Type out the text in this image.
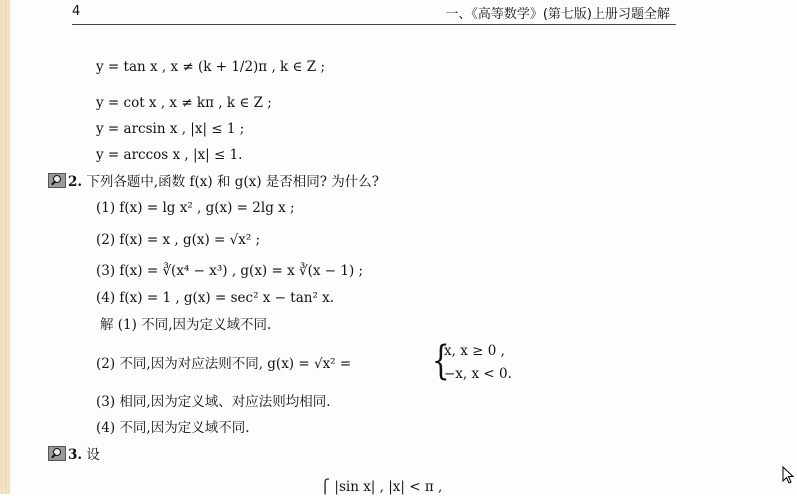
4	一、《高等数学》(第七版)上册习题全解
y = tan x , x ≠ (k + 1/2)π , k ∈ Z ;
y = cot x , x ≠ kπ , k ∈ Z ;
y = arcsin x , |x| ≤ 1 ;
y = arccos x , |x| ≤ 1.
2. 下列各题中,函数 f(x) 和 g(x) 是否相同? 为什么?
(1) f(x) = lg x² , g(x) = 2lg x ;
(2) f(x) = x , g(x) = √x² ;
(3) f(x) = ∛(x⁴ − x³) , g(x) = x ∛(x − 1) ;
(4) f(x) = 1 , g(x) = sec² x − tan² x.
解 (1) 不同,因为定义域不同.
(2) 不同,因为对应法则不同, g(x) = √x² = {
x, x ≥ 0 ,
−x, x < 0.
(3) 相同,因为定义域、对应法则均相同.
(4) 不同,因为定义域不同.
3. 设
⎧ |sin x| , |x| < π ,
